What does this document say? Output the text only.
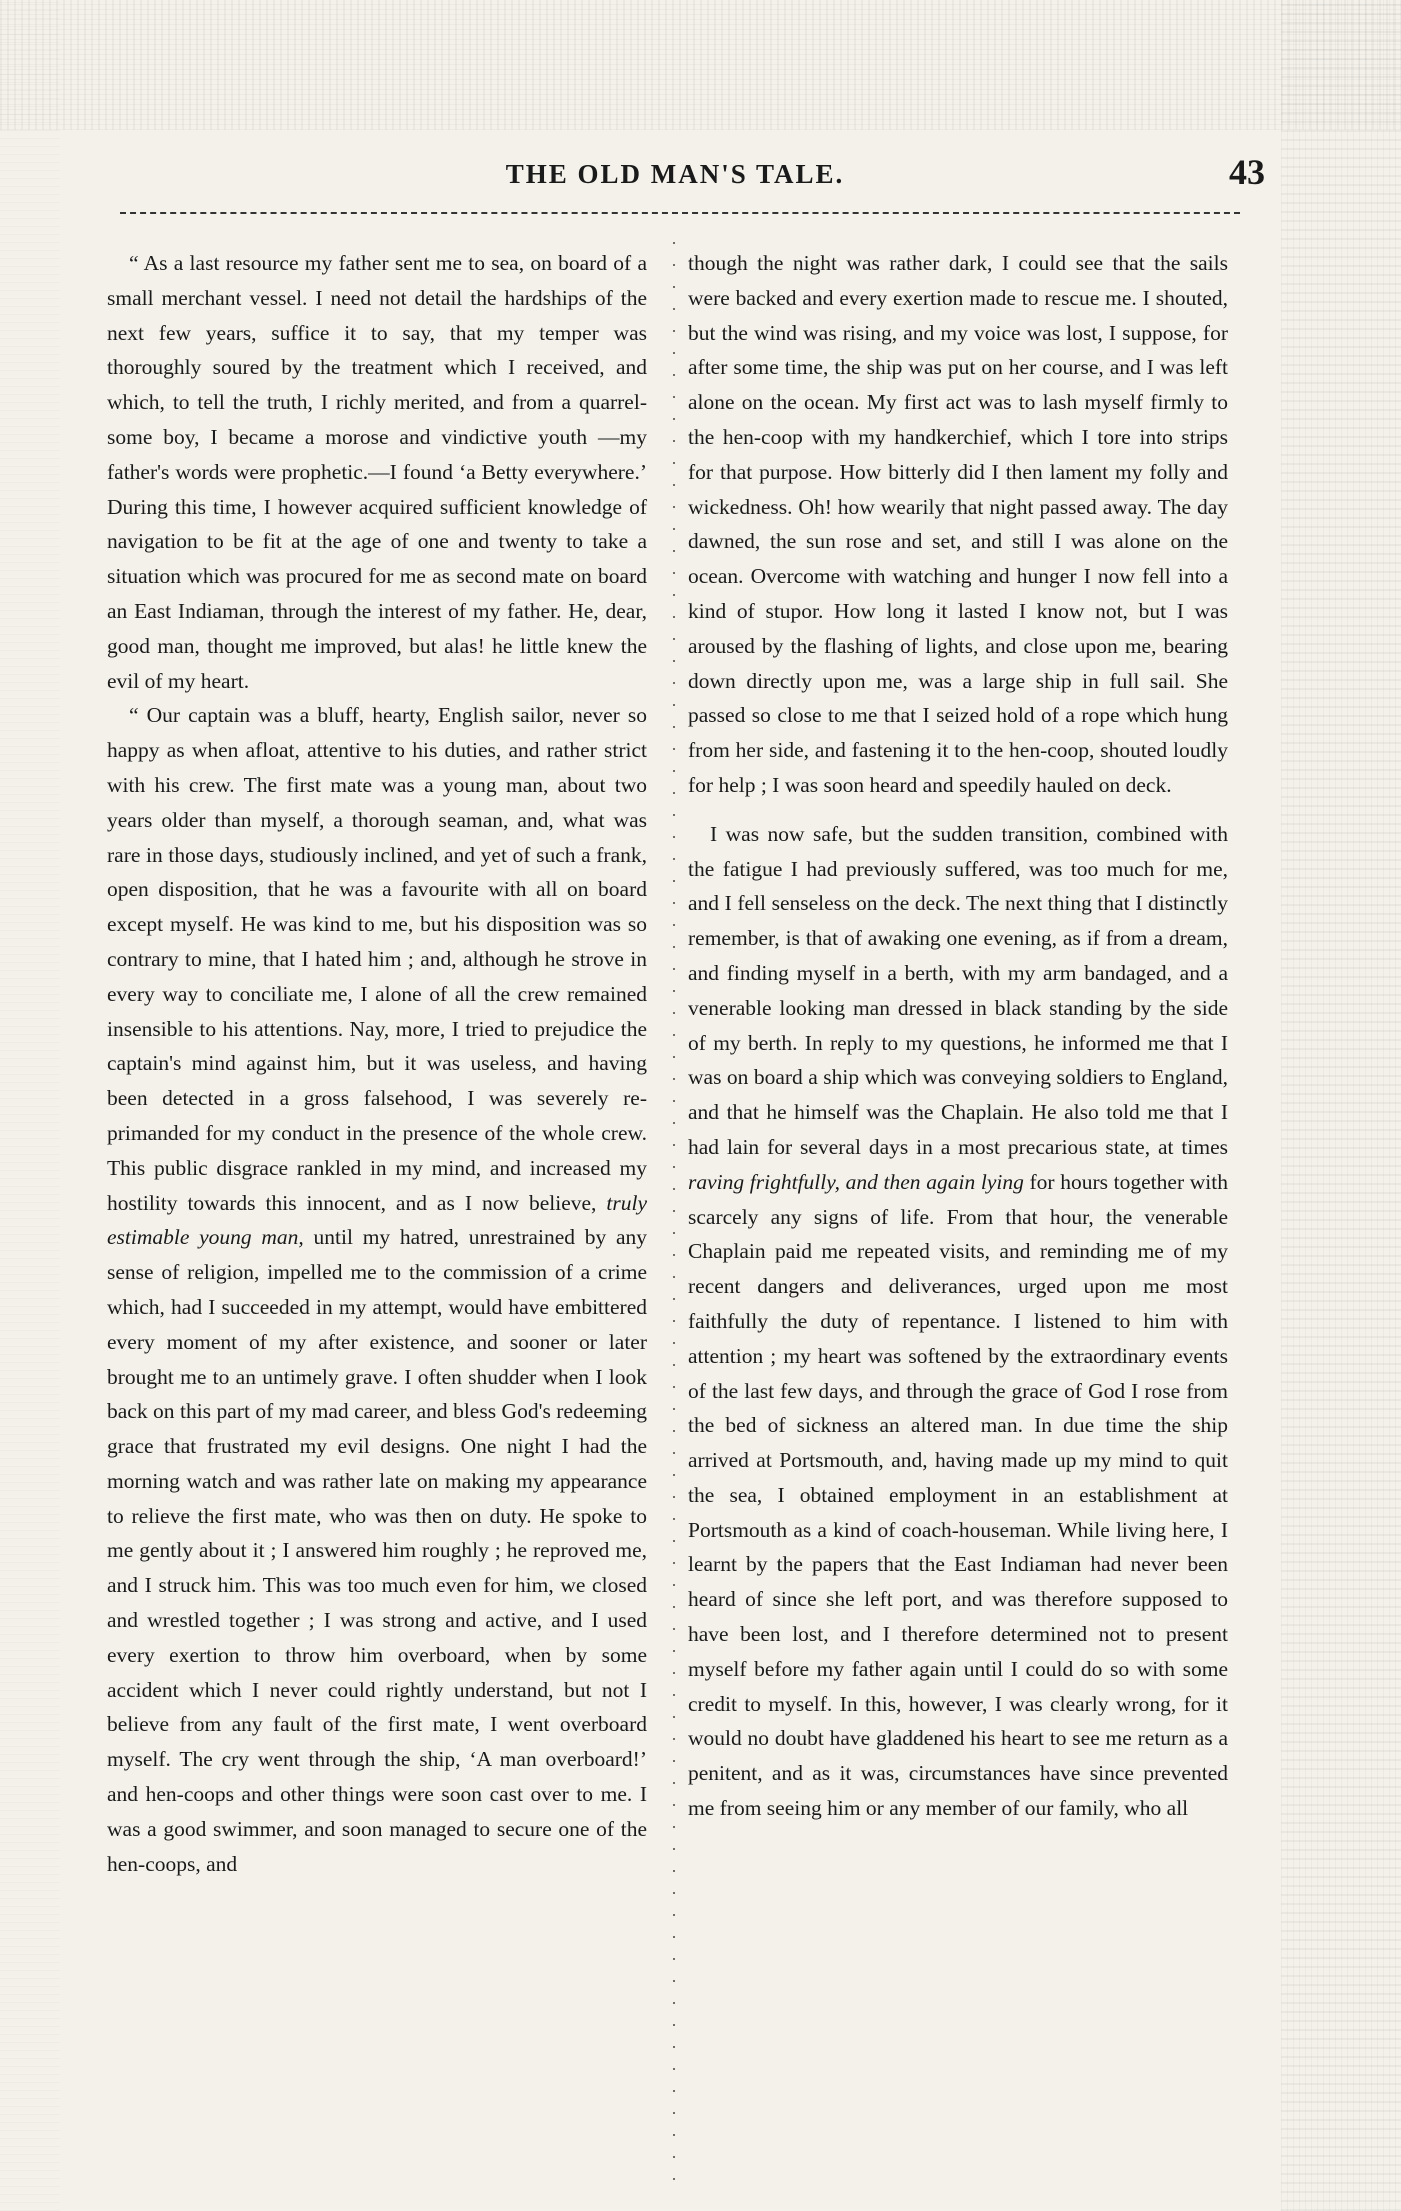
THE OLD MAN'S TALE.	43

“ As a last resource my father sent me to sea, on board of a small merchant vessel. I need not detail the hardships of the next few years, suffice it to say, that my temper was thoroughly soured by the treatment which I received, and which, to tell the truth, I richly merited, and from a quarrelsome boy, I became a morose and vindictive youth —my father's words were prophetic.—I found ‘a Betty everywhere.’ During this time, I however acquired sufficient knowledge of navigation to be fit at the age of one and twenty to take a situation which was procured for me as second mate on board an East Indiaman, through the interest of my father. He, dear, good man, thought me improved, but alas! he little knew the evil of my heart.

“ Our captain was a bluff, hearty, English sailor, never so happy as when afloat, attentive to his duties, and rather strict with his crew. The first mate was a young man, about two years older than myself, a thorough seaman, and, what was rare in those days, studiously inclined, and yet of such a frank, open disposition, that he was a favourite with all on board except myself. He was kind to me, but his disposition was so contrary to mine, that I hated him ; and, although he strove in every way to conciliate me, I alone of all the crew remained insensible to his attentions. Nay, more, I tried to prejudice the captain's mind against him, but it was useless, and having been detected in a gross falsehood, I was severely reprimanded for my conduct in the presence of the whole crew. This public disgrace rankled in my mind, and increased my hostility towards this innocent, and as I now believe, truly estimable young man, until my hatred, unrestrained by any sense of religion, impelled me to the commission of a crime which, had I succeeded in my attempt, would have embittered every moment of my after existence, and sooner or later brought me to an untimely grave. I often shudder when I look back on this part of my mad career, and bless God's redeeming grace that frustrated my evil designs. One night I had the morning watch and was rather late on making my appearance to relieve the first mate, who was then on duty. He spoke to me gently about it ; I answered him roughly ; he reproved me, and I struck him. This was too much even for him, we closed and wrestled together ; I was strong and active, and I used every exertion to throw him overboard, when by some accident which I never could rightly understand, but not I believe from any fault of the first mate, I went overboard myself. The cry went through the ship, ‘A man overboard!’ and hen-coops and other things were soon cast over to me. I was a good swimmer, and soon managed to secure one of the hen-coops, and

though the night was rather dark, I could see that the sails were backed and every exertion made to rescue me. I shouted, but the wind was rising, and my voice was lost, I suppose, for after some time, the ship was put on her course, and I was left alone on the ocean. My first act was to lash myself firmly to the hen-coop with my handkerchief, which I tore into strips for that purpose. How bitterly did I then lament my folly and wickedness. Oh! how wearily that night passed away. The day dawned, the sun rose and set, and still I was alone on the ocean. Overcome with watching and hunger I now fell into a kind of stupor. How long it lasted I know not, but I was aroused by the flashing of lights, and close upon me, bearing down directly upon me, was a large ship in full sail. She passed so close to me that I seized hold of a rope which hung from her side, and fastening it to the hen-coop, shouted loudly for help ; I was soon heard and speedily hauled on deck.

I was now safe, but the sudden transition, combined with the fatigue I had previously suffered, was too much for me, and I fell senseless on the deck. The next thing that I distinctly remember, is that of awaking one evening, as if from a dream, and finding myself in a berth, with my arm bandaged, and a venerable looking man dressed in black standing by the side of my berth. In reply to my questions, he informed me that I was on board a ship which was conveying soldiers to England, and that he himself was the Chaplain. He also told me that I had lain for several days in a most precarious state, at times raving frightfully, and then again lying for hours together with scarcely any signs of life. From that hour, the venerable Chaplain paid me repeated visits, and reminding me of my recent dangers and deliverances, urged upon me most faithfully the duty of repentance. I listened to him with attention ; my heart was softened by the extraordinary events of the last few days, and through the grace of God I rose from the bed of sickness an altered man. In due time the ship arrived at Portsmouth, and, having made up my mind to quit the sea, I obtained employment in an establishment at Portsmouth as a kind of coach-houseman. While living here, I learnt by the papers that the East Indiaman had never been heard of since she left port, and was therefore supposed to have been lost, and I therefore determined not to present myself before my father again until I could do so with some credit to myself. In this, however, I was clearly wrong, for it would no doubt have gladdened his heart to see me return as a penitent, and as it was, circumstances have since prevented me from seeing him or any member of our family, who all
